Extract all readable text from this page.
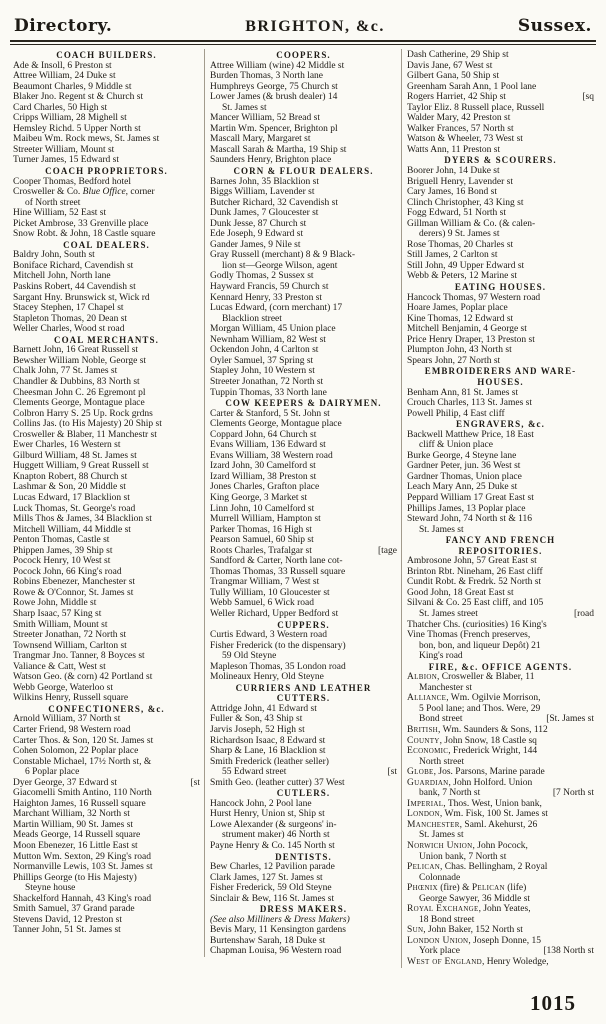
Directory.	BRIGHTON, &c.	Sussex.
COACH BUILDERS.
Ade & Insoll, 6 Preston st
Attree William, 24 Duke st
Beaumont Charles, 9 Middle st
Blaker Jno. Regent st & Church st
Card Charles, 50 High st
Cripps William, 28 Mighell st
Hemsley Richd. 5 Upper North st
Maibeu Wm. Rock mews, St. James st
Streeter William, Mount st
Turner James, 15 Edward st
COACH PROPRIETORS.
Cooper Thomas, Bedford hotel
Crosweller & Co. Blue Office, corner
of North street
Hine William, 52 East st
Picket Ambrose, 33 Grenville place
Snow Robt. & John, 18 Castle square
COAL DEALERS.
Baldry John, South st
Boniface Richard, Cavendish st
Mitchell John, North lane
Paskins Robert, 44 Cavendish st
Sargant Hny. Brunswick st, Wick rd
Stacey Stephen, 17 Chapel st
Stapleton Thomas, 20 Dean st
Weller Charles, Wood st road
COAL MERCHANTS.
Barnett John, 16 Great Russell st
Bewsher William Noble, George st
Chalk John, 77 St. James st
Chandler & Dubbins, 83 North st
Cheesman John C. 26 Egremont pl
Clements George, Montague place
Colbron Harry S. 25 Up. Rock grdns
Collins Jas. (to His Majesty) 20 Ship st
Crosweller & Blaber, 11 Manchestr st
Ewer Charles, 16 Western st
Gilburd William, 48 St. James st
Huggett William, 9 Great Russell st
Knapton Robert, 88 Church st
Lashmar & Son, 20 Middle st
Lucas Edward, 17 Blacklion st
Luck Thomas, St. George's road
Mills Thos & James, 34 Blacklion st
Mitchell William, 44 Middle st
Penton Thomas, Castle st
Phippen James, 39 Ship st
Pocock Henry, 10 West st
Pocock John, 66 King's road
Robins Ebenezer, Manchester st
Rowe & O'Connor, St. James st
Rowe John, Middle st
Sharp Isaac, 57 King st
Smith William, Mount st
Streeter Jonathan, 72 North st
Townsend William, Carlton st
Trangmar Jno. Tanner, 8 Boyces st
Valiance & Catt, West st
Watson Geo. (& corn) 42 Portland st
Webb George, Waterloo st
Wilkins Henry, Russell square
CONFECTIONERS, &c.
Arnold William, 37 North st
Carter Friend, 98 Western road
Carter Thos. & Son, 120 St. James st
Cohen Solomon, 22 Poplar place
Constable Michael, 17½ North st, &
6 Poplar place
Dyer George, 37 Edward st	[st
Giacomelli Smith Antino, 110 North
Haighton James, 16 Russell square
Marchant William, 32 North st
Martin William, 90 St. James st
Meads George, 14 Russell square
Moon Ebenezer, 16 Little East st
Mutton Wm. Sexton, 29 King's road
Normanville Lewis, 103 St. James st
Phillips George (to His Majesty)
Steyne house
Shackelford Hannah, 43 King's road
Smith Samuel, 37 Grand parade
Stevens David, 12 Preston st
Tanner John, 51 St. James st
COOPERS.
Attree William (wine) 42 Middle st
Burden Thomas, 3 North lane
Humphreys George, 75 Church st
Lower James (& brush dealer) 14
St. James st
Mancer William, 52 Bread st
Martin Wm. Spencer, Brighton pl
Mascall Mary, Margaret st
Mascall Sarah & Martha, 19 Ship st
Saunders Henry, Brighton place
CORN & FLOUR DEALERS.
Barnes John, 35 Blacklion st
Biggs William, Lavender st
Butcher Richard, 32 Cavendish st
Dunk James, 7 Gloucester st
Dunk Jesse, 87 Church st
Ede Joseph, 9 Edward st
Gander James, 9 Nile st
Gray Russell (merchant) 8 & 9 Black-
lion st—George Wilson, agent
Godly Thomas, 2 Sussex st
Hayward Francis, 59 Church st
Kennard Henry, 33 Preston st
Lucas Edward, (corn merchant) 17
Blacklion street
Morgan William, 45 Union place
Newnham William, 82 West st
Ockendon John, 4 Carlton st
Oyler Samuel, 37 Spring st
Stapley John, 10 Western st
Streeter Jonathan, 72 North st
Tuppin Thomas, 33 North lane
COW KEEPERS & DAIRYMEN.
Carter & Stanford, 5 St. John st
Clements George, Montague place
Coppard John, 64 Church st
Evans William, 136 Edward st
Evans William, 38 Western road
Izard John, 30 Camelford st
Izard William, 38 Preston st
Jones Charles, Grafton place
King George, 3 Market st
Linn John, 10 Camelford st
Murrell William, Hampton st
Parker Thomas, 16 High st
Pearson Samuel, 60 Ship st
Roots Charles, Trafalgar st	[tage
Sandford & Carter, North lane cot-
Thomas Thomas, 33 Russell square
Trangmar William, 7 West st
Tully William, 10 Gloucester st
Webb Samuel, 6 Wick road
Weller Richard, Upper Bedford st
CUPPERS.
Curtis Edward, 3 Western road
Fisher Frederick (to the dispensary)
59 Old Steyne
Mapleson Thomas, 35 London road
Molineaux Henry, Old Steyne
CURRIERS AND LEATHER
CUTTERS.
Attridge John, 41 Edward st
Fuller & Son, 43 Ship st
Jarvis Joseph, 52 High st
Richardson Isaac, 8 Edward st
Sharp & Lane, 16 Blacklion st
Smith Frederick (leather seller)
55 Edward street	[st
Smith Geo. (leather cutter) 37 West
CUTLERS.
Hancock John, 2 Pool lane
Hurst Henry, Union st, Ship st
Lowe Alexander (& surgeons' in-
strument maker) 46 North st
Payne Henry & Co. 145 North st
DENTISTS.
Bew Charles, 12 Pavilion parade
Clark James, 127 St. James st
Fisher Frederick, 59 Old Steyne
Sinclair & Bew, 116 St. James st
DRESS MAKERS.
(See also Milliners & Dress Makers)
Bevis Mary, 11 Kensington gardens
Burtenshaw Sarah, 18 Duke st
Chapman Louisa, 96 Western road
Dash Catherine, 29 Ship st
Davis Jane, 67 West st
Gilbert Gana, 50 Ship st
Greenham Sarah Ann, 1 Pool lane
Rogers Harriet, 42 Ship st	[sq
Taylor Eliz. 8 Russell place, Russell
Walder Mary, 42 Preston st
Walker Frances, 57 North st
Watson & Wheeler, 73 West st
Watts Ann, 11 Preston st
DYERS & SCOURERS.
Boorer John, 14 Duke st
Briguell Henry, Lavender st
Cary James, 16 Bond st
Clinch Christopher, 43 King st
Fogg Edward, 51 North st
Gillman William & Co. (& calen-
derers) 9 St. James st
Rose Thomas, 20 Charles st
Still James, 2 Carlton st
Still John, 49 Upper Edward st
Webb & Peters, 12 Marine st
EATING HOUSES.
Hancock Thomas, 97 Western road
Hoare James, Poplar place
Kine Thomas, 12 Edward st
Mitchell Benjamin, 4 George st
Price Henry Draper, 13 Preston st
Plumpton John, 43 North st
Spears John, 27 North st
EMBROIDERERS AND WARE-
HOUSES.
Benham Ann, 81 St. James st
Crouch Charles, 113 St. James st
Powell Philip, 4 East cliff
ENGRAVERS, &c.
Backwell Matthew Price, 18 East
cliff & Union place
Burke George, 4 Steyne lane
Gardner Peter, jun. 36 West st
Gardner Thomas, Union place
Leach Mary Ann, 25 Duke st
Peppard William 17 Great East st
Phillips James, 13 Poplar place
Steward John, 74 North st & 116
St. James st
FANCY AND FRENCH
REPOSITORIES.
Ambrosone John, 57 Great East st
Brinton Rbt. Nineham, 26 East cliff
Cundit Robt. & Fredrk. 52 North st
Good John, 18 Great East st
Silvani & Co. 25 East cliff, and 105
St. James street	[road
Thatcher Chs. (curiosities) 16 King's
Vine Thomas (French preserves,
bon, bon, and liqueur Depôt) 21
King's road
FIRE, &c. OFFICE AGENTS.
Albion, Crosweller & Blaber, 11
Manchester st
Alliance, Wm. Ogilvie Morrison,
5 Pool lane; and Thos. Were, 29
Bond street	[St. James st
British, Wm. Saunders & Sons, 112
County, John Snow, 18 Castle sq
Economic, Frederick Wright, 144
North street
Globe, Jos. Parsons, Marine parade
Guardian, John Holford. Union
bank, 7 North st	[7 North st
Imperial, Thos. West, Union bank,
London, Wm. Fisk, 100 St. James st
Manchester, Saml. Akehurst, 26
St. James st
Norwich Union, John Pocock,
Union bank, 7 North st
Pelican, Chas. Bellingham, 2 Royal
Colonnade
Phœnix (fire) & Pelican (life)
George Sawyer, 36 Middle st
Royal Exchange, John Yeates,
18 Bond street
Sun, John Baker, 152 North st
London Union, Joseph Donne, 15
York place	[138 North st
West of England, Henry Woledge,
1015
